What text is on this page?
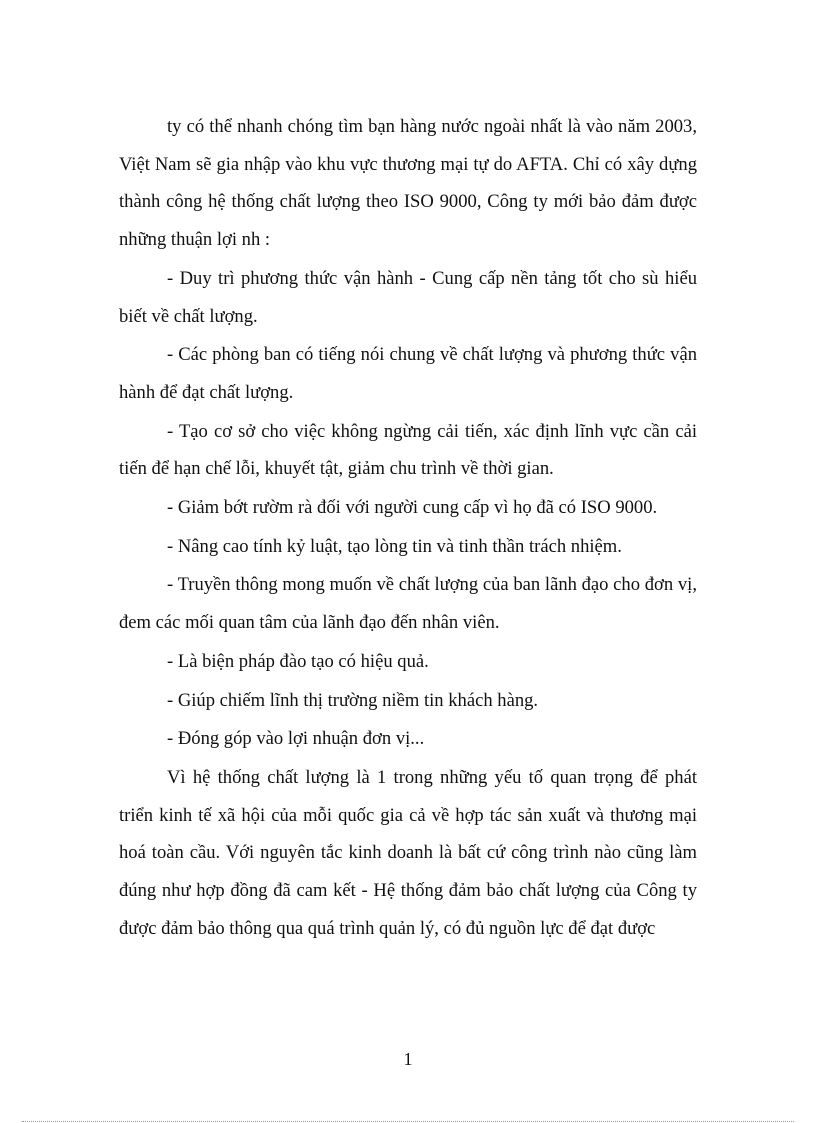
ty có thể nhanh chóng tìm bạn hàng nước ngoài nhất là vào năm 2003, Việt Nam sẽ gia nhập vào khu vực thương mại tự do AFTA. Chỉ có xây dựng thành công hệ thống chất lượng theo ISO 9000, Công ty mới bảo đảm được những thuận lợi nh :

- Duy trì phương thức vận hành - Cung cấp nền tảng tốt cho sù hiểu biết về chất lượng.

- Các phòng ban có tiếng nói chung về chất lượng và phương thức vận hành để đạt chất lượng.

- Tạo cơ sở cho việc không ngừng cải tiến, xác định lĩnh vực cần cải tiến để hạn chế lỗi, khuyết tật, giảm chu trình về thời gian.

- Giảm bớt rườm rà đối với người cung cấp vì họ đã có ISO 9000.

- Nâng cao tính kỷ luật, tạo lòng tin và tinh thần trách nhiệm.

- Truyền thông mong muốn về chất lượng của ban lãnh đạo cho đơn vị, đem các mối quan tâm của lãnh đạo đến nhân viên.

- Là biện pháp đào tạo có hiệu quả.

- Giúp chiếm lĩnh thị trường niềm tin khách hàng.

- Đóng góp vào lợi nhuận đơn vị...

Vì hệ thống chất lượng là 1 trong những yếu tố quan trọng để phát triển kinh tế xã hội của mỗi quốc gia cả về hợp tác sản xuất và thương mại hoá toàn cầu. Với nguyên tắc kinh doanh là bất cứ công trình nào cũng làm đúng như hợp đồng đã cam kết - Hệ thống đảm bảo chất lượng của Công ty được đảm bảo thông qua quá trình quản lý, có đủ nguồn lực để đạt được

1
